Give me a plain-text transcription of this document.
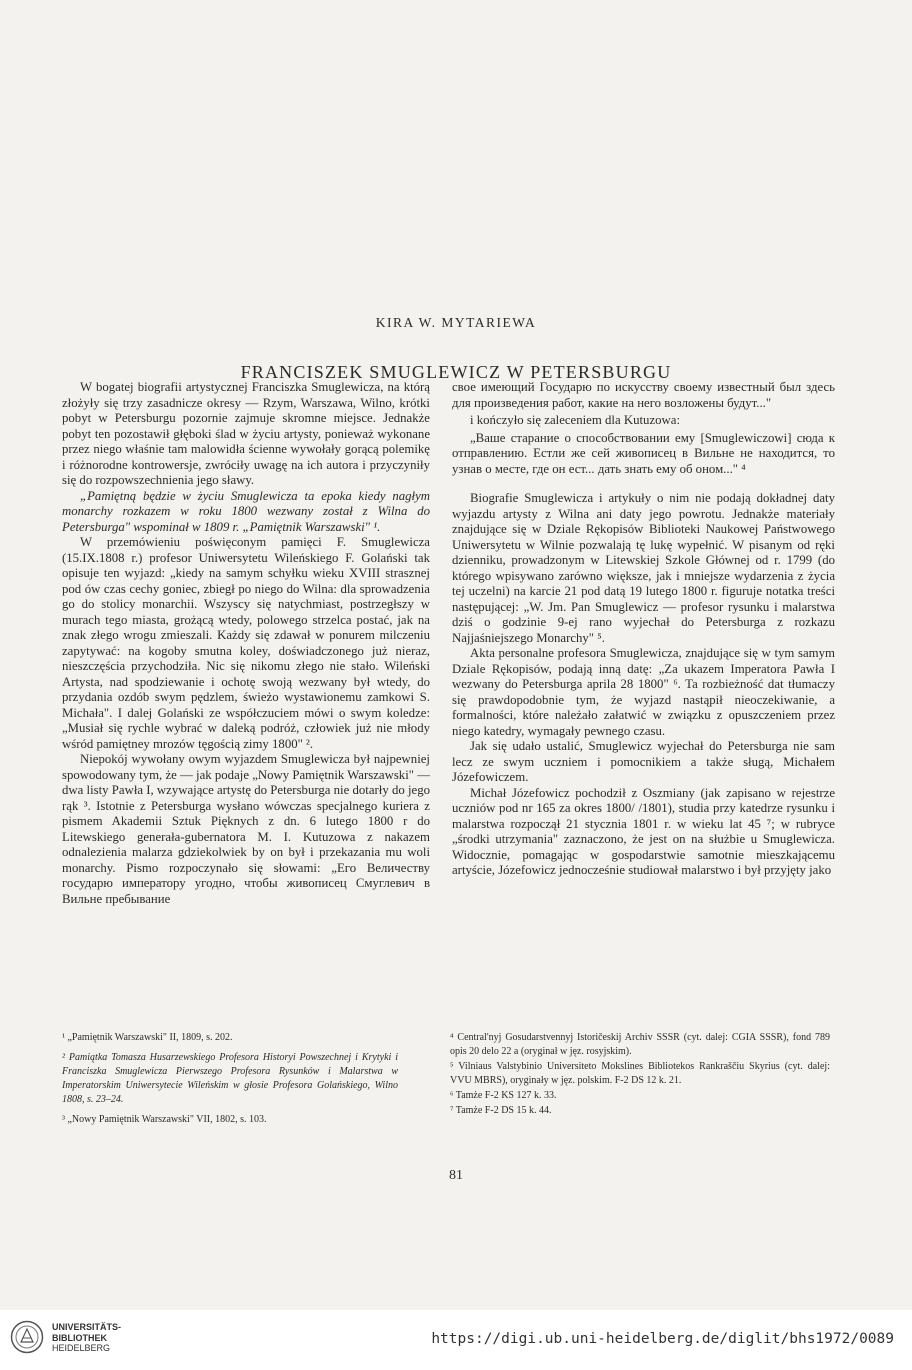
KIRA W. MYTARIEWA
FRANCISZEK SMUGLEWICZ W PETERSBURGU

W bogatej biografii artystycznej Franciszka Smuglewicza, na którą złożyły się trzy zasadnicze okresy — Rzym, Warszawa, Wilno, krótki pobyt w Petersburgu pozornie zajmuje skromne miejsce. Jednakże pobyt ten pozostawił głęboki ślad w życiu artysty, ponieważ wykonane przez niego właśnie tam malowidła ścienne wywołały gorącą polemikę i różnorodne kontrowersje, zwróciły uwagę na ich autora i przyczyniły się do rozpowszechnienia jego sławy.

„Pamiętną będzie w życiu Smuglewicza ta epoka kiedy nagłym monarchy rozkazem w roku 1800 wezwany został z Wilna do Petersburga" wspominał w 1809 r. „Pamiętnik Warszawski" ¹.

W przemówieniu poświęconym pamięci F. Smuglewicza (15.IX.1808 r.) profesor Uniwersytetu Wileńskiego F. Golański tak opisuje ten wyjazd: „kiedy na samym schyłku wieku XVIII strasznej pod ów czas cechy goniec, zbiegł po niego do Wilna: dla sprowadzenia go do stolicy monarchii. Wszyscy się natychmiast, postrzegłszy w murach tego miasta, grożącą wtedy, polowego strzelca postać, jak na znak złego wrogu zmieszali. Każdy się zdawał w ponurem milczeniu zapytywać: na kogoby smutna koley, doświadczonego już nieraz, nieszczęścia przychodziła. Nic się nikomu złego nie stało. Wileński Artysta, nad spodziewanie i ochotę swoją wezwany był wtedy, do przydania ozdób swym pędzlem, świeżo wystawionemu zamkowi S. Michała". I dalej Golański ze współczuciem mówi o swym koledze: „Musiał się rychle wybrać w daleką podróż, człowiek już nie młody wśród pamiętney mrozów tęgością zimy 1800" ².

Niepokój wywołany owym wyjazdem Smuglewicza był najpewniej spowodowany tym, że — jak podaje „Nowy Pamiętnik Warszawski" — dwa listy Pawła I, wzywające artystę do Petersburga nie dotarły do jego rąk ³. Istotnie z Petersburga wysłano wówczas specjalnego kuriera z pismem Akademii Sztuk Pięknych z dn. 6 lutego 1800 r do Litewskiego generała-gubernatora M. I. Kutuzowa z nakazem odnalezienia malarza gdziekolwiek by on był i przekazania mu woli monarchy. Pismo rozpoczynało się słowami: „Его Величеству государю императору угодно, чтобы живописец Смуглевич в Вильне пребывание

свое имеющий Государю по искусству своему известный был здесь для произведения работ, какие на него возложены будут..."

i kończyło się zaleceniem dla Kutuzowa:

„Ваше старание о способствовании ему [Smuglewiczowi] сюда к отправлению. Естли же сей живописец в Вильне не находится, то узнав о месте, где он ест... дать знать ему об оном..." ⁴

Biografie Smuglewicza i artykuły o nim nie podają dokładnej daty wyjazdu artysty z Wilna ani daty jego powrotu. Jednakże materiały znajdujące się w Dziale Rękopisów Biblioteki Naukowej Państwowego Uniwersytetu w Wilnie pozwalają tę lukę wypełnić. W pisanym od ręki dzienniku, prowadzonym w Litewskiej Szkole Głównej od r. 1799 (do którego wpisywano zarówno większe, jak i mniejsze wydarzenia z życia tej uczelni) na karcie 21 pod datą 19 lutego 1800 r. figuruje notatka treści następującej: „W. Jm. Pan Smuglewicz — profesor rysunku i malarstwa dziś o godzinie 9-ej rano wyjechał do Petersburga z rozkazu Najjaśniejszego Monarchy" ⁵.

Akta personalne profesora Smuglewicza, znajdujące się w tym samym Dziale Rękopisów, podają inną datę: „Za ukazem Imperatora Pawła I wezwany do Petersburga aprila 28 1800" ⁶. Ta rozbieżność dat tłumaczy się prawdopodobnie tym, że wyjazd nastąpił nieoczekiwanie, a formalności, które należało załatwić w związku z opuszczeniem przez niego katedry, wymagały pewnego czasu.

Jak się udało ustalić, Smuglewicz wyjechał do Petersburga nie sam lecz ze swym uczniem i pomocnikiem a także sługą, Michałem Józefowiczem.

Michał Józefowicz pochodził z Oszmiany (jak zapisano w rejestrze uczniów pod nr 165 za okres 1800/ /1801), studia przy katedrze rysunku i malarstwa rozpoczął 21 stycznia 1801 r. w wieku lat 45 ⁷; w rubryce „środki utrzymania" zaznaczono, że jest on na służbie u Smuglewicza. Widocznie, pomagając w gospodarstwie samotnie mieszkającemu artyście, Józefowicz jednocześnie studiował malarstwo i był przyjęty jako

¹ „Pamiętnik Warszawski" II, 1809, s. 202.

² Pamiątka Tomasza Husarzewskiego Profesora Historyi Powszechnej i Krytyki i Franciszka Smuglewicza Pierwszego Profesora Rysunków i Malarstwa w Imperatorskim Uniwersytecie Wileńskim w głosie Profesora Golańskiego, Wilno 1808, s. 23–24.

³ „Nowy Pamiętnik Warszawski" VII, 1802, s. 103.

⁴ Central'nyj Gosudarstvennyj Istoričeskij Archiv SSSR (cyt. dalej: CGIA SSSR), fond 789 opis 20 delo 22 a (oryginał w jęz. rosyjskim).

⁵ Vilniaus Valstybinio Universiteto Mokslines Bibliotekos Rankraščiu Skyrius (cyt. dalej: VVU MBRS), oryginały w jęz. polskim. F-2 DS 12 k. 21.

⁶ Tamże F-2 KS 127 k. 33.

⁷ Tamże F-2 DS 15 k. 44.

81
UNIVERSITÄTS-
BIBLIOTHEK
HEIDELBERG
https://digi.ub.uni-heidelberg.de/diglit/bhs1972/0089
